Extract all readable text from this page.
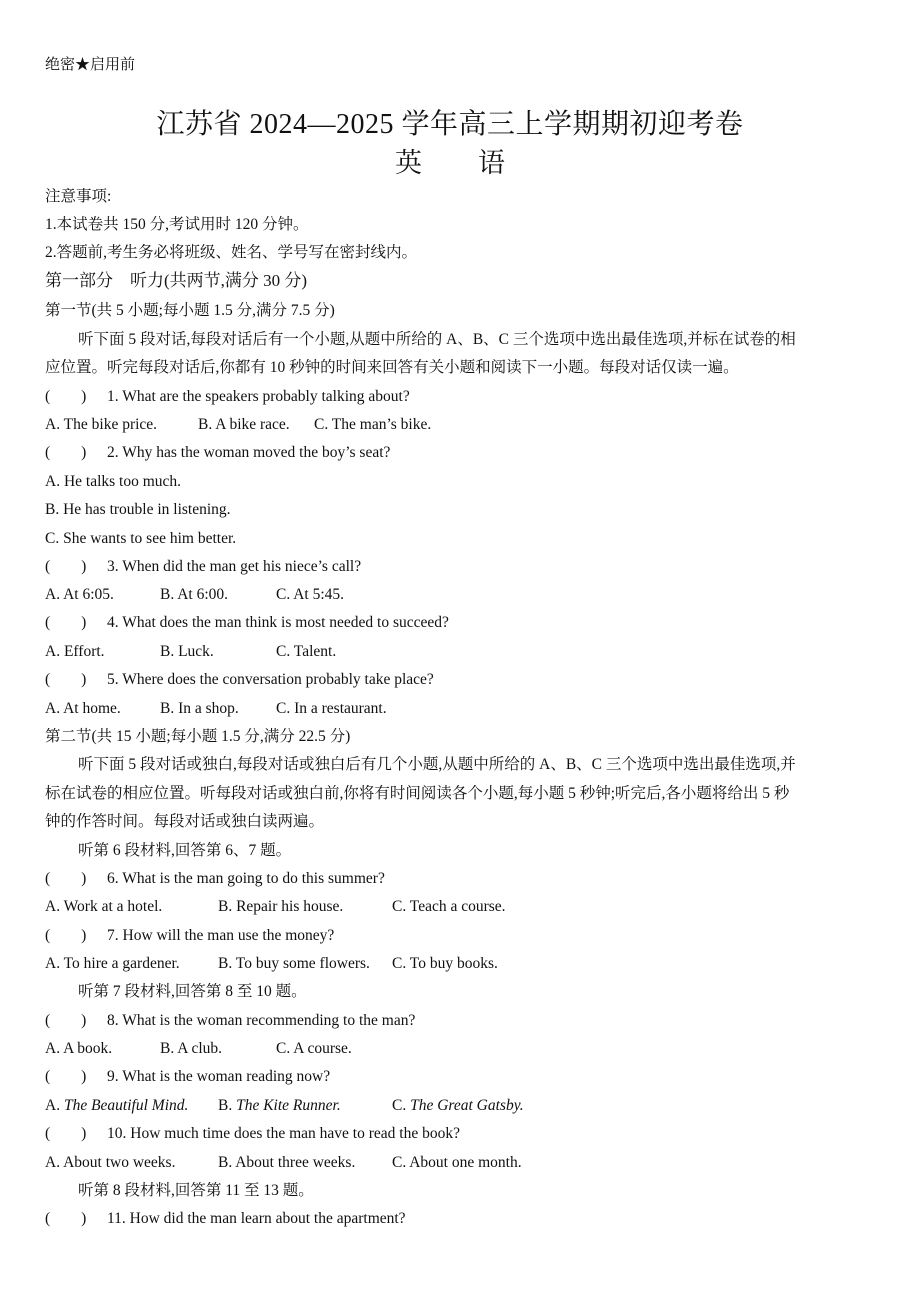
绝密★启用前
江苏省 2024—2025 学年高三上学期期初迎考卷
英 语
注意事项:
1.本试卷共 150 分,考试用时 120 分钟。
2.答题前,考生务必将班级、姓名、学号写在密封线内。
第一部分　听力(共两节,满分 30 分)
第一节(共 5 小题;每小题 1.5 分,满分 7.5 分)
听下面 5 段对话,每段对话后有一个小题,从题中所给的 A、B、C 三个选项中选出最佳选项,并标在试卷的相
应位置。听完每段对话后,你都有 10 秒钟的时间来回答有关小题和阅读下一小题。每段对话仅读一遍。
(　　) 1. What are the speakers probably talking about?
A. The bike price.	B. A bike race. C. The man’s bike.
(　　) 2. Why has the woman moved the boy’s seat?
A. He talks too much.
B. He has trouble in listening.
C. She wants to see him better.
(　　) 3. When did the man get his niece’s call?
A. At 6:05.	B. At 6:00.	C. At 5:45.
(　　) 4. What does the man think is most needed to succeed?
A. Effort.	B. Luck.	C. Talent.
(　　) 5. Where does the conversation probably take place?
A. At home.	B. In a shop. C. In a restaurant.
第二节(共 15 小题;每小题 1.5 分,满分 22.5 分)
听下面 5 段对话或独白,每段对话或独白后有几个小题,从题中所给的 A、B、C 三个选项中选出最佳选项,并
标在试卷的相应位置。听每段对话或独白前,你将有时间阅读各个小题,每小题 5 秒钟;听完后,各小题将给出 5 秒
钟的作答时间。每段对话或独白读两遍。
听第 6 段材料,回答第 6、7 题。
(　　) 6. What is the man going to do this summer?
A. Work at a hotel.	B. Repair his house.	C. Teach a course.
(　　) 7. How will the man use the money?
A. To hire a gardener. B. To buy some flowers. C. To buy books.
听第 7 段材料,回答第 8 至 10 题。
(　　) 8. What is the woman recommending to the man?
A. A book.	B. A club.	C. A course.
(　　) 9. What is the woman reading now?
A. The Beautiful Mind. B. The Kite Runner.	C. The Great Gatsby.
(　　) 10. How much time does the man have to read the book?
A. About two weeks.	B. About three weeks. C. About one month.
听第 8 段材料,回答第 11 至 13 题。
(　　) 11. How did the man learn about the apartment?
